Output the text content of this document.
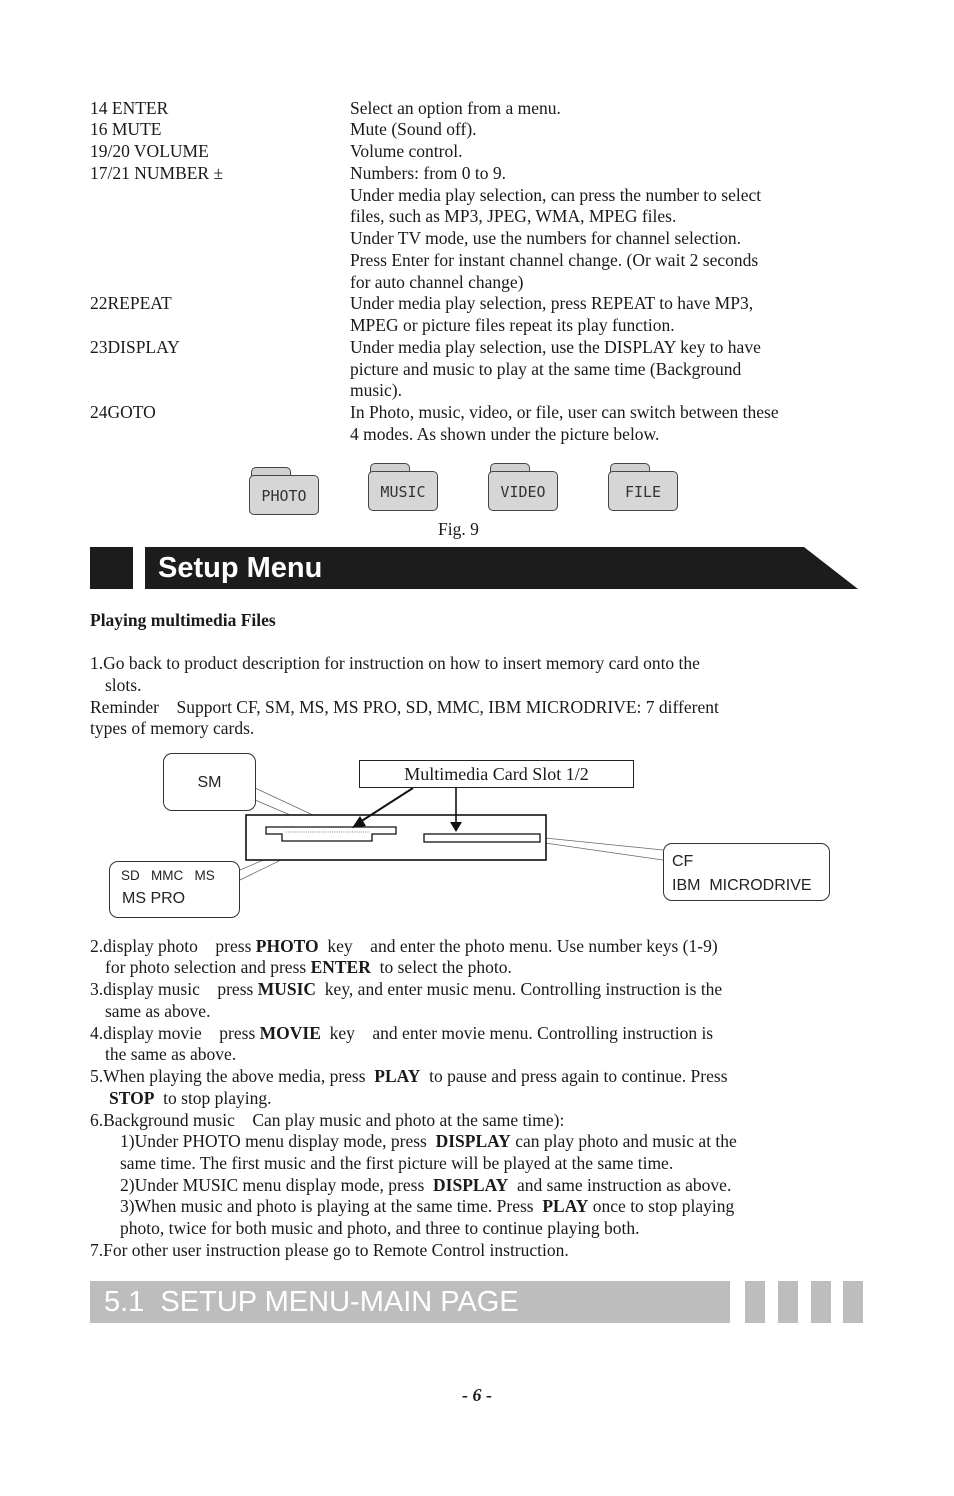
14 ENTER	Select an option from a menu.
16 MUTE	Mute (Sound off).
19/20 VOLUME	Volume control.
17/21 NUMBER ±	Numbers: from 0 to 9.
Under media play selection, can press the number to select
files, such as MP3, JPEG, WMA, MPEG files.
Under TV mode, use the numbers for channel selection.
Press Enter for instant channel change. (Or wait 2 seconds
for auto channel change)
22REPEAT	Under media play selection, press REPEAT to have MP3,
MPEG or picture files repeat its play function.
23DISPLAY	Under media play selection, use the DISPLAY key to have
picture and music to play at the same time (Background
music).
24GOTO	In Photo, music, video, or file, user can switch between these
4 modes. As shown under the picture below.
PHOTO	MUSIC	VIDEO	FILE
Fig. 9
Setup Menu
Playing multimedia Files
1.Go back to product description for instruction on how to insert memory card onto the
slots.
Reminder    Support CF, SM, MS, MS PRO, SD, MMC, IBM MICRODRIVE: 7 different
types of memory cards.
SM	Multimedia Card Slot 1/2
SD   MMC   MS
MS PRO
CF
IBM  MICRODRIVE
2.display photo    press PHOTO  key    and enter the photo menu. Use number keys (1-9)
for photo selection and press ENTER  to select the photo.
3.display music    press MUSIC  key, and enter music menu. Controlling instruction is the
same as above.
4.display movie    press MOVIE  key    and enter movie menu. Controlling instruction is
the same as above.
5.When playing the above media, press  PLAY  to pause and press again to continue. Press
STOP  to stop playing.
6.Background music    Can play music and photo at the same time):
1)Under PHOTO menu display mode, press  DISPLAY can play photo and music at the
same time. The first music and the first picture will be played at the same time.
2)Under MUSIC menu display mode, press  DISPLAY  and same instruction as above.
3)When music and photo is playing at the same time. Press  PLAY once to stop playing
photo, twice for both music and photo, and three to continue playing both.
7.For other user instruction please go to Remote Control instruction.
5.1  SETUP MENU-MAIN PAGE
- 6 -
